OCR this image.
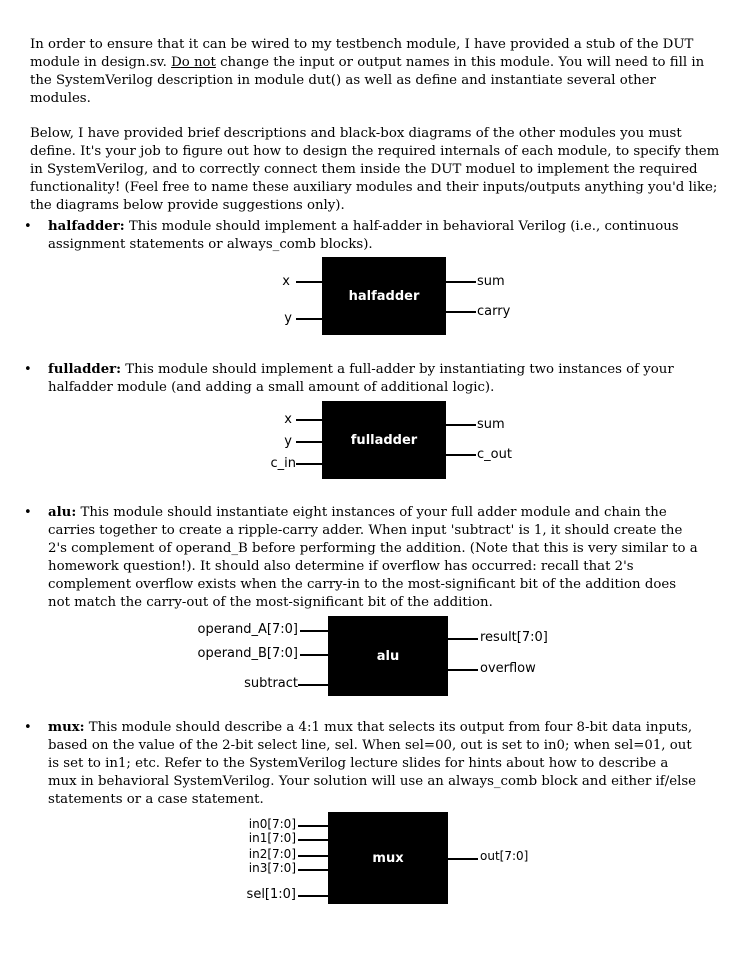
In order to ensure that it can be wired to my testbench module, I have provided a stub of the DUT module in design.sv. Do not change the input or output names in this module. You will need to fill in the SystemVerilog description in module dut() as well as define and instantiate several other modules.

Below, I have provided brief descriptions and black-box diagrams of the other modules you must define. It's your job to figure out how to design the required internals of each module, to specify them in SystemVerilog, and to correctly connect them inside the DUT moduel to implement the required functionality! (Feel free to name these auxiliary modules and their inputs/outputs anything you'd like; the diagrams below provide suggestions only).

• halfadder: This module should implement a half-adder in behavioral Verilog (i.e., continuous assignment statements or always_comb blocks).
halfadder
x
y
sum
carry
• fulladder: This module should implement a full-adder by instantiating two instances of your halfadder module (and adding a small amount of additional logic).
fulladder
x
y
c_in
sum
c_out
• alu: This module should instantiate eight instances of your full adder module and chain the carries together to create a ripple-carry adder. When input 'subtract' is 1, it should create the 2's complement of operand_B before performing the addition. (Note that this is very similar to a homework question!). It should also determine if overflow has occurred: recall that 2's complement overflow exists when the carry-in to the most-significant bit of the addition does not match the carry-out of the most-significant bit of the addition.
alu
operand_A[7:0]
operand_B[7:0]
subtract
result[7:0]
overflow
• mux: This module should describe a 4:1 mux that selects its output from four 8-bit data inputs, based on the value of the 2-bit select line, sel. When sel=00, out is set to in0; when sel=01, out is set to in1; etc. Refer to the SystemVerilog lecture slides for hints about how to describe a mux in behavioral SystemVerilog. Your solution will use an always_comb block and either if/else statements or a case statement.
mux
in0[7:0]
in1[7:0]
in2[7:0]
in3[7:0]
sel[1:0]
out[7:0]
